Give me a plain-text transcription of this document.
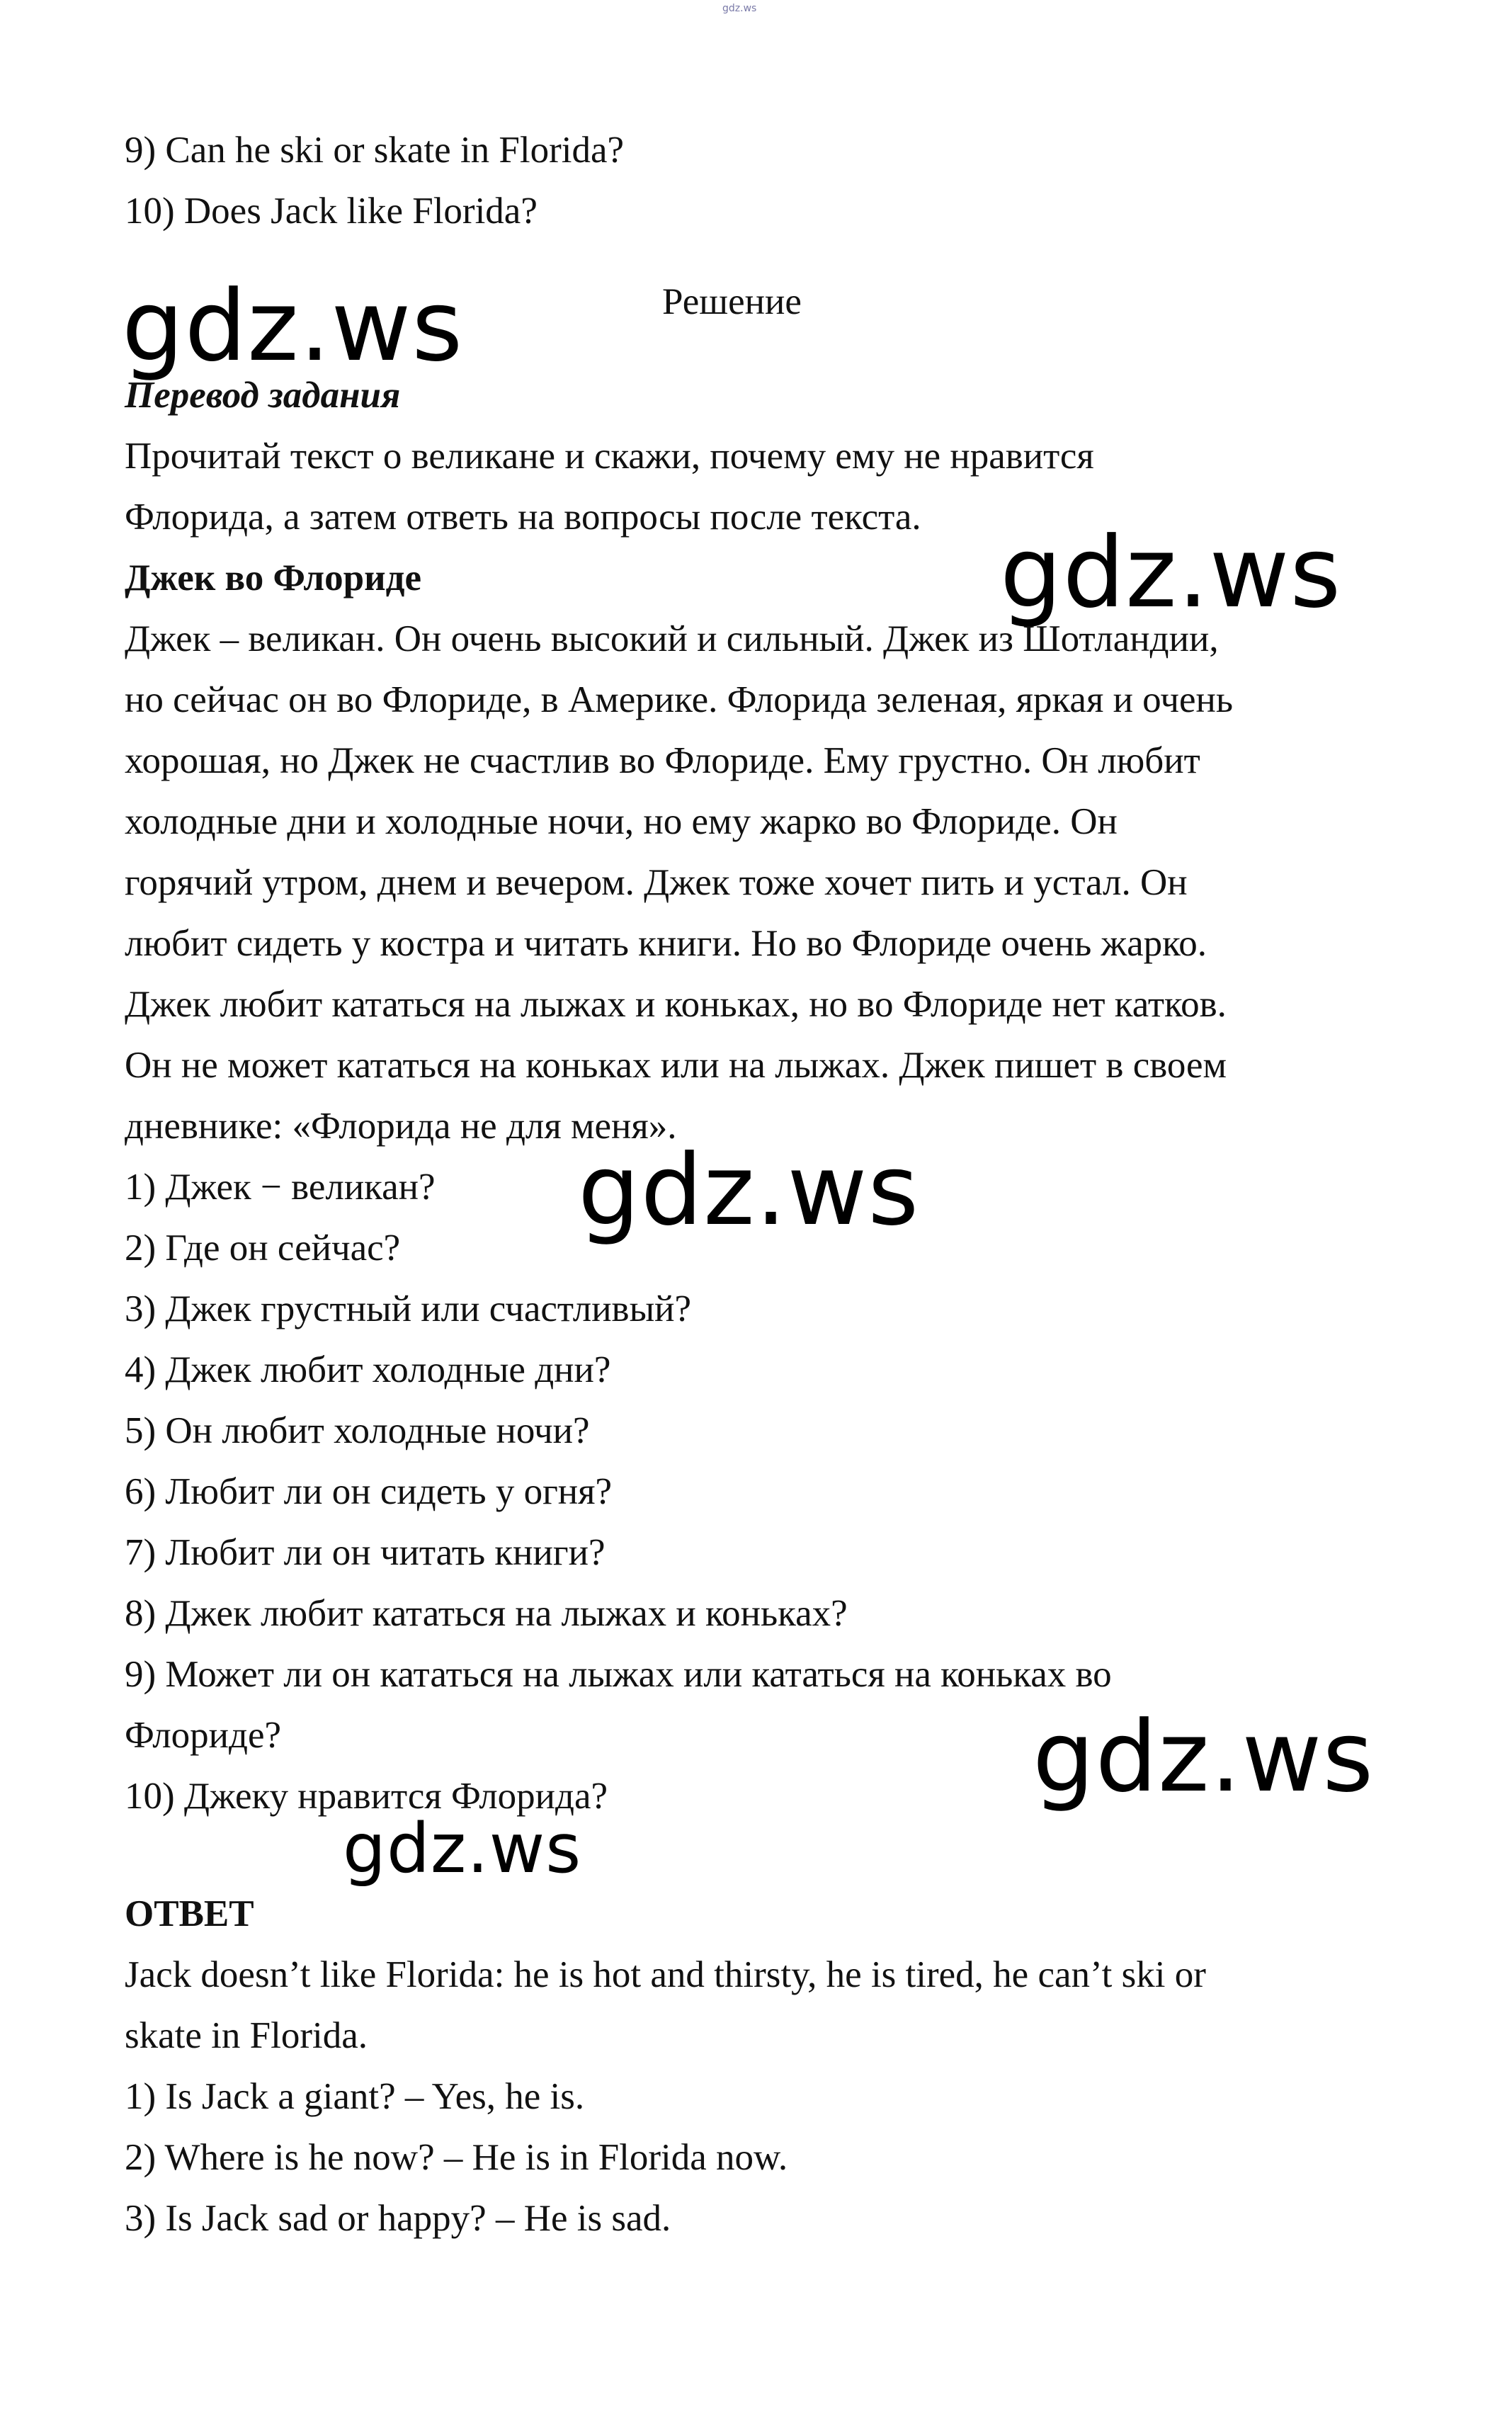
gdz.ws
9) Can he ski or skate in Florida?
10) Does Jack like Florida?
gdz.ws	Решение
Перевод задания
Прочитай текст о великане и скажи, почему ему не нравится
Флорида, а затем ответь на вопросы после текста. gdz.ws
Джек во Флориде
Джек – великан. Он очень высокий и сильный. Джек из Шотландии,
но сейчас он во Флориде, в Америке. Флорида зеленая, яркая и очень
хорошая, но Джек не счастлив во Флориде. Ему грустно. Он любит
холодные дни и холодные ночи, но ему жарко во Флориде. Он
горячий утром, днем и вечером. Джек тоже хочет пить и устал. Он
любит сидеть у костра и читать книги. Но во Флориде очень жарко.
Джек любит кататься на лыжах и коньках, но во Флориде нет катков.
Он не может кататься на коньках или на лыжах. Джек пишет в своем
дневнике: «Флорида не для меня».
gdz.ws
1) Джек − великан?
2) Где он сейчас?
3) Джек грустный или счастливый?
4) Джек любит холодные дни?
5) Он любит холодные ночи?
6) Любит ли он сидеть у огня?
7) Любит ли он читать книги?
8) Джек любит кататься на лыжах и коньках?
9) Может ли он кататься на лыжах или кататься на коньках во
Флориде?
10) Джеку нравится Флорида?	gdz.ws
gdz.ws
ОТВЕТ
Jack doesn’t like Florida: he is hot and thirsty, he is tired, he can’t ski or
skate in Florida.
1) Is Jack a giant? – Yes, he is.
2) Where is he now? – He is in Florida now.
3) Is Jack sad or happy? – He is sad.
